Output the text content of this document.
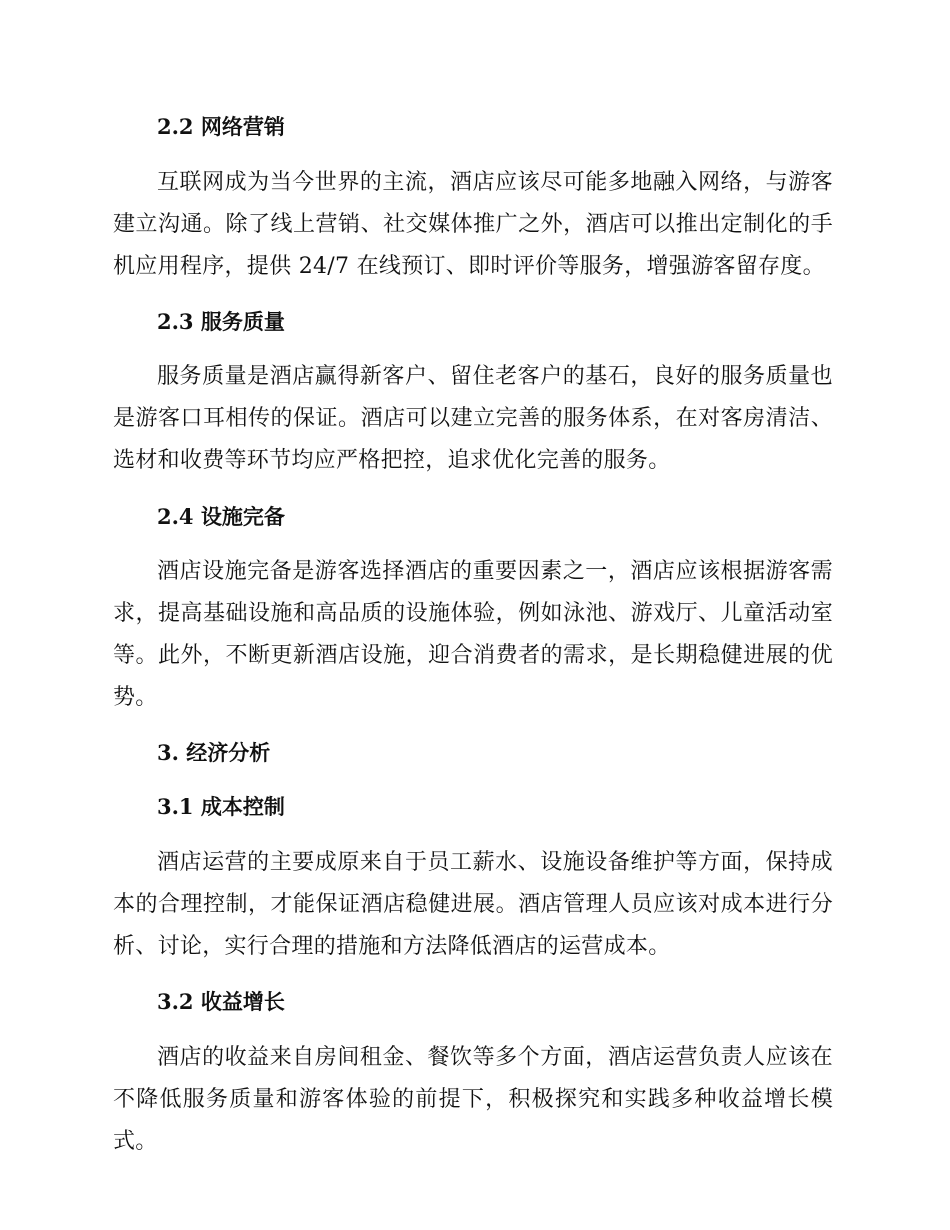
2.2 网络营销
互联网成为当今世界的主流，酒店应该尽可能多地融入网络，与游客建立沟通。除了线上营销、社交媒体推广之外，酒店可以推出定制化的手机应用程序，提供 24/7 在线预订、即时评价等服务，增强游客留存度。
2.3 服务质量
服务质量是酒店赢得新客户、留住老客户的基石，良好的服务质量也是游客口耳相传的保证。酒店可以建立完善的服务体系，在对客房清洁、选材和收费等环节均应严格把控，追求优化完善的服务。
2.4 设施完备
酒店设施完备是游客选择酒店的重要因素之一，酒店应该根据游客需求，提高基础设施和高品质的设施体验，例如泳池、游戏厅、儿童活动室等。此外，不断更新酒店设施，迎合消费者的需求，是长期稳健进展的优势。
3. 经济分析
3.1 成本控制
酒店运营的主要成原来自于员工薪水、设施设备维护等方面，保持成本的合理控制，才能保证酒店稳健进展。酒店管理人员应该对成本进行分析、讨论，实行合理的措施和方法降低酒店的运营成本。
3.2 收益增长
酒店的收益来自房间租金、餐饮等多个方面，酒店运营负责人应该在不降低服务质量和游客体验的前提下，积极探究和实践多种收益增长模式。
